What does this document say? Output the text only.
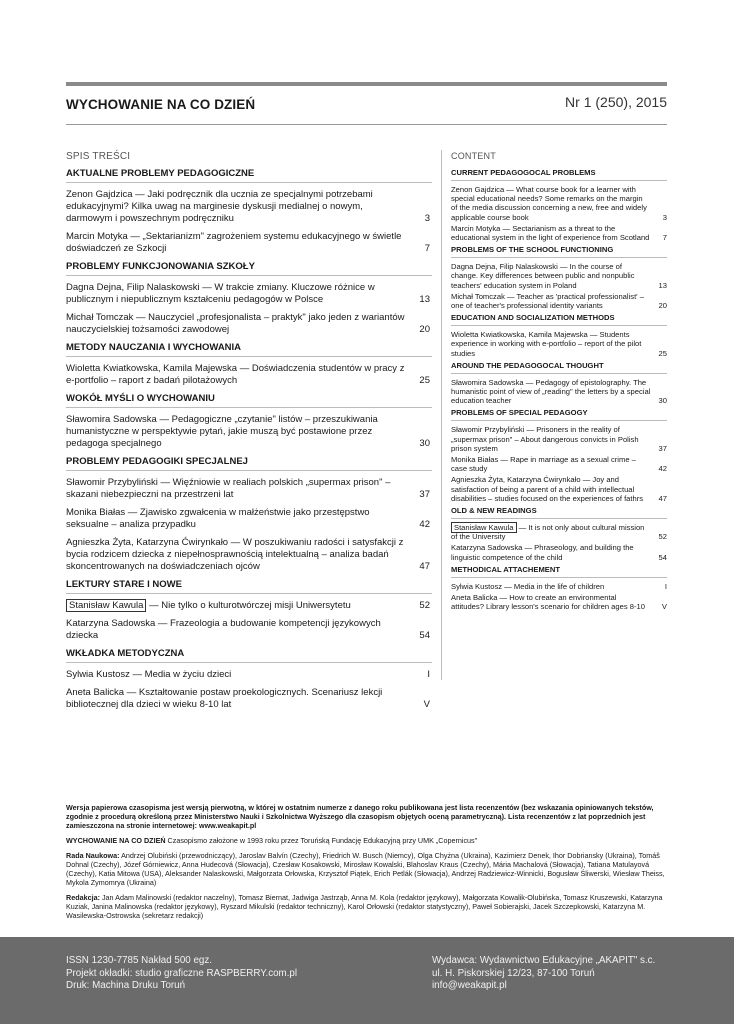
WYCHOWANIE NA CO DZIEŃ	Nr 1 (250), 2015
SPIS TREŚCI
AKTUALNE PROBLEMY PEDAGOGICZNE
Zenon Gajdzica — Jaki podręcznik dla ucznia ze specjalnymi potrzebami edukacyjnymi? Kilka uwag na marginesie dyskusji medialnej o nowym, darmowym i powszechnym podręczniku	3
Marcin Motyka — „Sektarianizm" zagrożeniem systemu edukacyjnego w świetle doświadczeń ze Szkocji	7
PROBLEMY FUNKCJONOWANIA SZKOŁY
Dagna Dejna, Filip Nalaskowski — W trakcie zmiany. Kluczowe różnice w publicznym i niepublicznym kształceniu pedagogów w Polsce	13
Michał Tomczak — Nauczyciel „profesjonalista – praktyk" jako jeden z wariantów nauczycielskiej tożsamości zawodowej	20
METODY NAUCZANIA I WYCHOWANIA
Wioletta Kwiatkowska, Kamila Majewska — Doświadczenia studentów w pracy z e-portfolio – raport z badań pilotażowych	25
WOKÓŁ MYŚLI O WYCHOWANIU
Sławomira Sadowska — Pedagogiczne „czytanie" listów – przeszukiwania humanistyczne w perspektywie pytań, jakie muszą być postawione przez pedagoga specjalnego	30
PROBLEMY PEDAGOGIKI SPECJALNEJ
Sławomir Przybyliński — Więźniowie w realiach polskich „supermax prison" – skazani niebezpieczni na przestrzeni lat	37
Monika Białas — Zjawisko zgwałcenia w małżeństwie jako przestępstwo seksualne – analiza przypadku	42
Agnieszka Żyta, Katarzyna Ćwirynkało — W poszukiwaniu radości i satysfakcji z bycia rodzicem dziecka z niepełnosprawnością intelektualną – analiza badań skoncentrowanych na doświadczeniach ojców	47
LEKTURY STARE I NOWE
Stanisław Kawula — Nie tylko o kulturotwórczej misji Uniwersytetu	52
Katarzyna Sadowska — Frazeologia a budowanie kompetencji językowych dziecka	54
WKŁADKA METODYCZNA
Sylwia Kustosz — Media w życiu dzieci	I
Aneta Balicka — Kształtowanie postaw proekologicznych. Scenariusz lekcji bibliotecznej dla dzieci w wieku 8-10 lat	V
CONTENT
CURRENT PEDAGOGOCAL PROBLEMS
Zenon Gajdzica — What course book for a learner with special educational needs? Some remarks on the margin of the media discussion concerning a new, free and widely applicable course book	3
Marcin Motyka — Sectarianism as a threat to the educational system in the light of experience from Scotland 7
PROBLEMS OF THE SCHOOL FUNCTIONING
Dagna Dejna, Filip Nalaskowski — In the course of change. Key differences between public and nonpublic teachers' education system in Poland	13
Michał Tomczak — Teacher as 'practical professionalist' – one of teacher's professional identity variants	20
EDUCATION AND SOCIALIZATION METHODS
Wioletta Kwiatkowska, Kamila Majewska — Students experience in working with e-portfolio – report of the pilot studies	25
AROUND THE PEDAGOGOCAL THOUGHT
Sławomira Sadowska — Pedagogy of epistolography. The humanistic point of view of „reading" the letters by a special education teacher	30
PROBLEMS OF SPECIAL PEDAGOGY
Sławomir Przybyliński — Prisoners in the reality of „supermax prison" – About dangerous convicts in Polish prison system	37
Monika Białas — Rape in marriage as a sexual crime – case study	42
Agnieszka Żyta, Katarzyna Ćwirynkało — Joy and satisfaction of being a parent of a child with intellectual disabilities – studies focused on the experiences of fathrs 47
OLD & NEW READINGS
Stanisław Kawula — It is not only about cultural mission of the University	52
Katarzyna Sadowska — Phraseology, and building the linguistic competence of the child	54
METHODICAL ATTACHEMENT
Sylwia Kustosz — Media in the life of children	I
Aneta Balicka — How to create an environmental attitudes? Library lesson's scenario for children ages 8-10 V

Wersja papierowa czasopisma jest wersją pierwotną, w której w ostatnim numerze z danego roku publikowana jest lista recenzentów (bez wskazania opiniowanych tekstów, zgodnie z procedurą określoną przez Ministerstwo Nauki i Szkolnictwa Wyższego dla czasopism objętych oceną parametryczną). Lista recenzentów z lat poprzednich jest zamieszczona na stronie internetowej: www.weakapit.pl

WYCHOWANIE NA CO DZIEŃ Czasopismo założone w 1993 roku przez Toruńską Fundację Edukacyjną przy UMK „Copernicus"

Rada Naukowa: Andrzej Olubiński (przewodniczący), Jaroslav Balvín (Czechy), Friedrich W. Busch (Niemcy), Olga Chyżna (Ukraina), Kazimierz Denek, Ihor Dobriansky (Ukraina), Tomáš Dohnal (Czechy), Józef Górniewicz, Anna Hudecová (Słowacja), Czesław Kosakowski, Mirosław Kowalski, Blahoslav Kraus (Czechy), Mária Machalová (Słowacja), Tatiana Matulayová (Czechy), Katia Mitowa (USA), Aleksander Nalaskowski, Małgorzata Orłowska, Krzysztof Piątek, Erich Petlák (Słowacja), Andrzej Radziewicz-Winnicki, Bogusław Śliwerski, Wiesław Theiss, Mykola Zymomrya (Ukraina)

Redakcja: Jan Adam Malinowski (redaktor naczelny), Tomasz Biernat, Jadwiga Jastrząb, Anna M. Kola (redaktor językowy), Małgorzata Kowalik-Olubińska, Tomasz Kruszewski, Katarzyna Kuziak, Janina Malinowska (redaktor językowy), Ryszard Mikulski (redaktor techniczny), Karol Orłowski (redaktor statystyczny), Paweł Sobierajski, Jacek Szczepkowski, Katarzyna M. Wasilewska-Ostrowska (sekretarz redakcji)

ISSN 1230-7785 Nakład 500 egz.
Projekt okładki: studio graficzne RASPBERRY.com.pl
Druk: Machina Druku Toruń
Wydawca: Wydawnictwo Edukacyjne „AKAPIT" s.c.
ul. H. Piskorskiej 12/23, 87-100 Toruń
info@weakapit.pl
